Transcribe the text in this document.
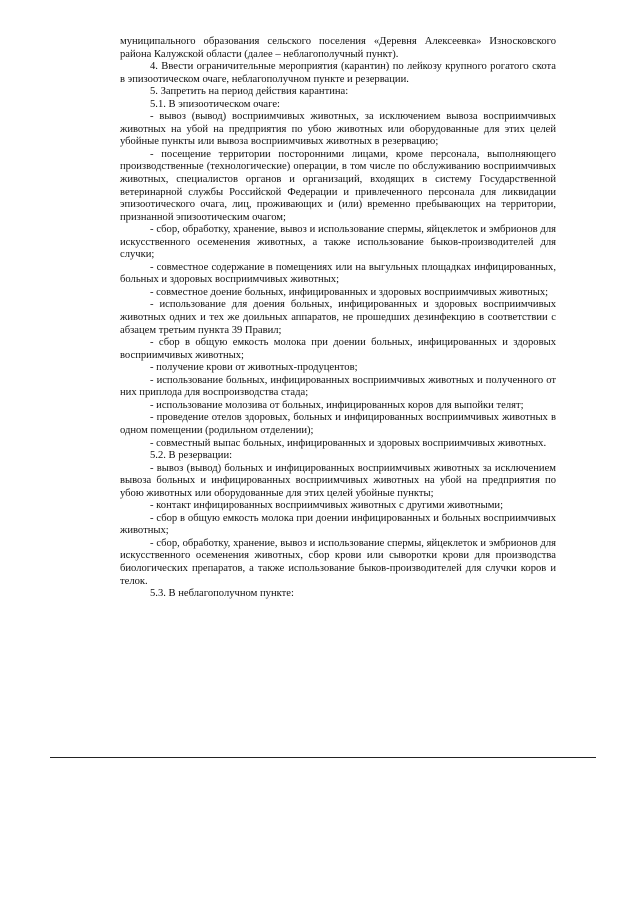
муниципального образования сельского поселения «Деревня Алексеевка» Износковского района Калужской области (далее – неблагополучный пункт).

4. Ввести ограничительные мероприятия (карантин) по лейкозу крупного рогатого скота в эпизоотическом очаге, неблагополучном пункте и резервации.

5. Запретить на период действия карантина:

5.1. В эпизоотическом очаге:

- вывоз (вывод) восприимчивых животных, за исключением вывоза восприимчивых животных на убой на предприятия по убою животных или оборудованные для этих целей убойные пункты или вывоза восприимчивых животных в резервацию;

- посещение территории посторонними лицами, кроме персонала, выполняющего производственные (технологические) операции, в том числе по обслуживанию восприимчивых животных, специалистов органов и организаций, входящих в систему Государственной ветеринарной службы Российской Федерации и привлеченного персонала для ликвидации эпизоотического очага, лиц, проживающих и (или) временно пребывающих на территории, признанной эпизоотическим очагом;

- сбор, обработку, хранение, вывоз и использование спермы, яйцеклеток и эмбрионов для искусственного осеменения животных, а также использование быков-производителей для случки;

- совместное содержание в помещениях или на выгульных площадках инфицированных, больных и здоровых восприимчивых животных;

- совместное доение больных, инфицированных и здоровых восприимчивых животных;

- использование для доения больных, инфицированных и здоровых восприимчивых животных одних и тех же доильных аппаратов, не прошедших дезинфекцию в соответствии с абзацем третьим пункта 39 Правил;

- сбор в общую емкость молока при доении больных, инфицированных и здоровых восприимчивых животных;

- получение крови от животных-продуцентов;

- использование больных, инфицированных восприимчивых животных и полученного от них приплода для воспроизводства стада;

- использование молозива от больных, инфицированных коров для выпойки телят;

- проведение отелов здоровых, больных и инфицированных восприимчивых животных в одном помещении (родильном отделении);

- совместный выпас больных, инфицированных и здоровых восприимчивых животных.

5.2. В резервации:

- вывоз (вывод) больных и инфицированных восприимчивых животных за исключением вывоза больных и инфицированных восприимчивых животных на убой на предприятия по убою животных или оборудованные для этих целей убойные пункты;

- контакт инфицированных восприимчивых животных с другими животными;

- сбор в общую емкость молока при доении инфицированных и больных восприимчивых животных;

- сбор, обработку, хранение, вывоз и использование спермы, яйцеклеток и эмбрионов для искусственного осеменения животных, сбор крови или сыворотки крови для производства биологических препаратов, а также использование быков-производителей для случки коров и телок.

5.3. В неблагополучном пункте:
